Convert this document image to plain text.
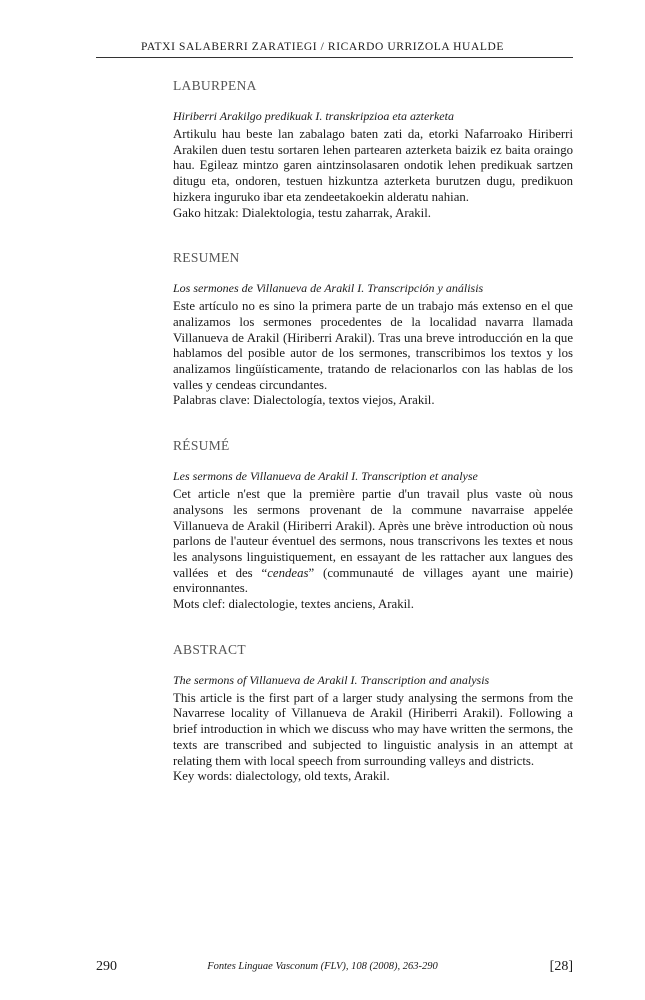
PATXI SALABERRI ZARATIEGI / RICARDO URRIZOLA HUALDE
LABURPENA
Hiriberri Arakilgo predikuak I. transkripzioa eta azterketa

Artikulu hau beste lan zabalago baten zati da, etorki Nafarroako Hiriberri Arakilen duen testu sortaren lehen partearen azterketa baizik ez baita oraingo hau. Egileaz mintzo garen aintzinsolasaren ondotik lehen predikuak sartzen ditugu eta, ondoren, testuen hizkuntza azterketa burutzen dugu, predikuon hizkera inguruko ibar eta zendeetakoekin alderatu nahian.

Gako hitzak: Dialektologia, testu zaharrak, Arakil.

RESUMEN
Los sermones de Villanueva de Arakil I. Transcripción y análisis

Este artículo no es sino la primera parte de un trabajo más extenso en el que analizamos los sermones procedentes de la localidad navarra llamada Villanueva de Arakil (Hiriberri Arakil). Tras una breve introducción en la que hablamos del posible autor de los sermones, transcribimos los textos y los analizamos lingüísticamente, tratando de relacionarlos con las hablas de los valles y cendeas circundantes.

Palabras clave: Dialectología, textos viejos, Arakil.

RÉSUMÉ
Les sermons de Villanueva de Arakil I. Transcription et analyse

Cet article n'est que la première partie d'un travail plus vaste où nous analysons les sermons provenant de la commune navarraise appelée Villanueva de Arakil (Hiriberri Arakil). Après une brève introduction où nous parlons de l'auteur éventuel des sermons, nous transcrivons les textes et nous les analysons linguistiquement, en essayant de les rattacher aux langues des vallées et des “cendeas” (communauté de villages ayant une mairie) environnantes.

Mots clef: dialectologie, textes anciens, Arakil.

ABSTRACT
The sermons of Villanueva de Arakil I. Transcription and analysis

This article is the first part of a larger study analysing the sermons from the Navarrese locality of Villanueva de Arakil (Hiriberri Arakil). Following a brief introduction in which we discuss who may have written the sermons, the texts are transcribed and subjected to linguistic analysis in an attempt at relating them with local speech from surrounding valleys and districts.

Key words: dialectology, old texts, Arakil.

290	Fontes Linguae Vasconum (FLV), 108 (2008), 263-290	[28]
